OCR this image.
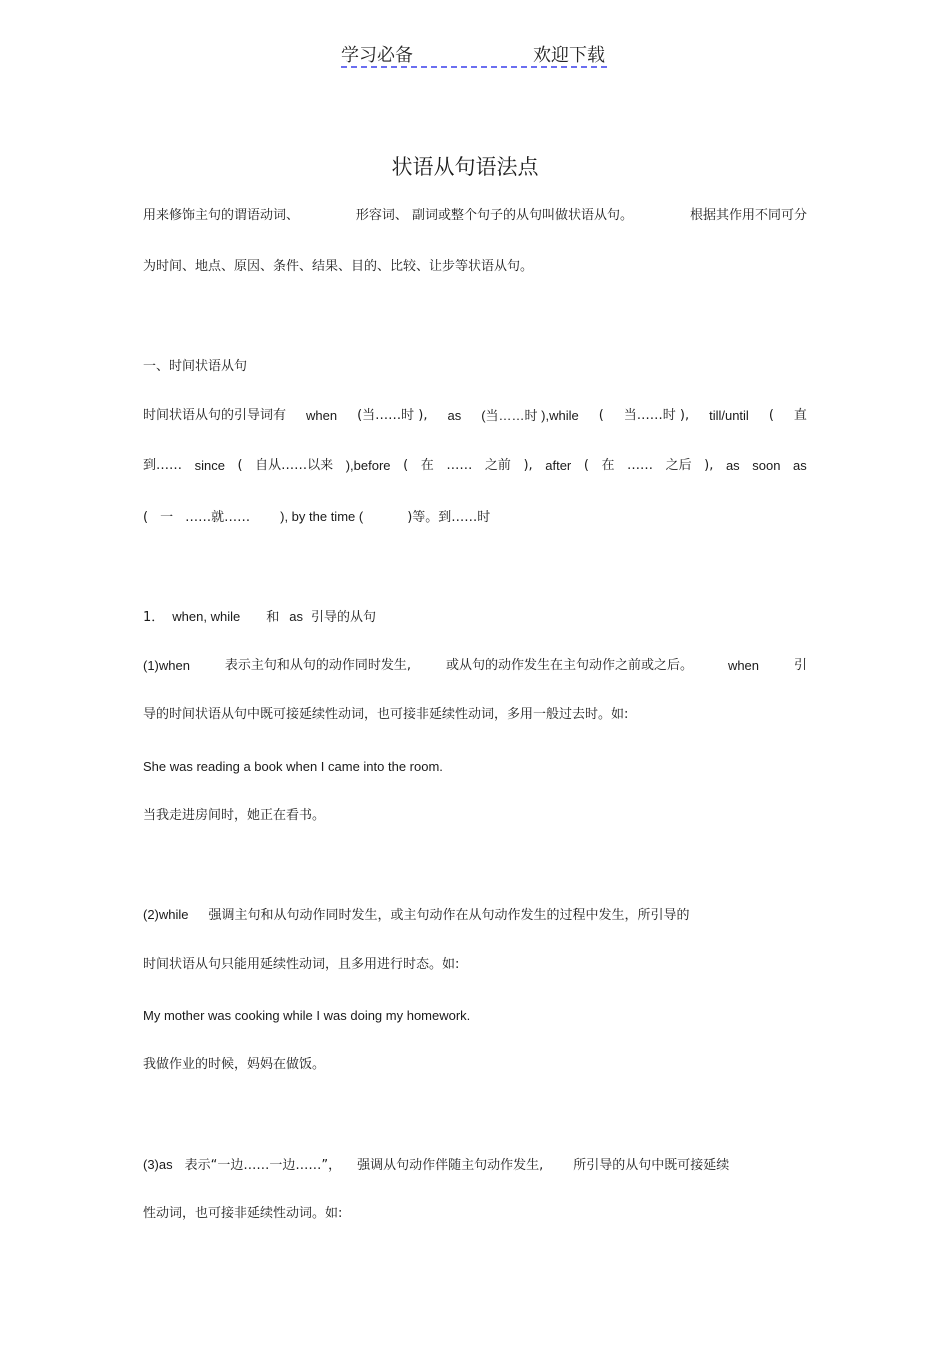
学习必备	欢迎下载
状语从句语法点
用来修饰主句的谓语动词、	形容词、 副词或整个句子的从句叫做状语从句。	根据其作用不同可分
为时间、地点、原因、条件、结果、目的、比较、让步等状语从句。
一、时间状语从句
时间状语从句的引导词有 when (当……时 ), as (当……时 ),while ( 当……时 ), till/until ( 直
到…… since ( 自从……以来 ),before ( 在 …… 之前 ), after ( 在 …… 之后 ), as soon as
( 一 ……就…… ), by the time (	)等。到……时
1． when, while 和 as 引导的从句
(1)when	表示主句和从句的动作同时发生,	或从句的动作发生在主句动作之前或之后。	when	引
导的时间状语从句中既可接延续性动词，也可接非延续性动词，多用一般过去时。如:
She was reading a book when I came into the room.
当我走进房间时，她正在看书。
(2)while 强调主句和从句动作同时发生，或主句动作在从句动作发生的过程中发生，所引导的
时间状语从句只能用延续性动词，且多用进行时态。如:
My mother was cooking while I was doing my homework.
我做作业的时候，妈妈在做饭。
(3)as 表示“一边……一边……”， 强调从句动作伴随主句动作发生, 所引导的从句中既可接延续
性动词，也可接非延续性动词。如:
